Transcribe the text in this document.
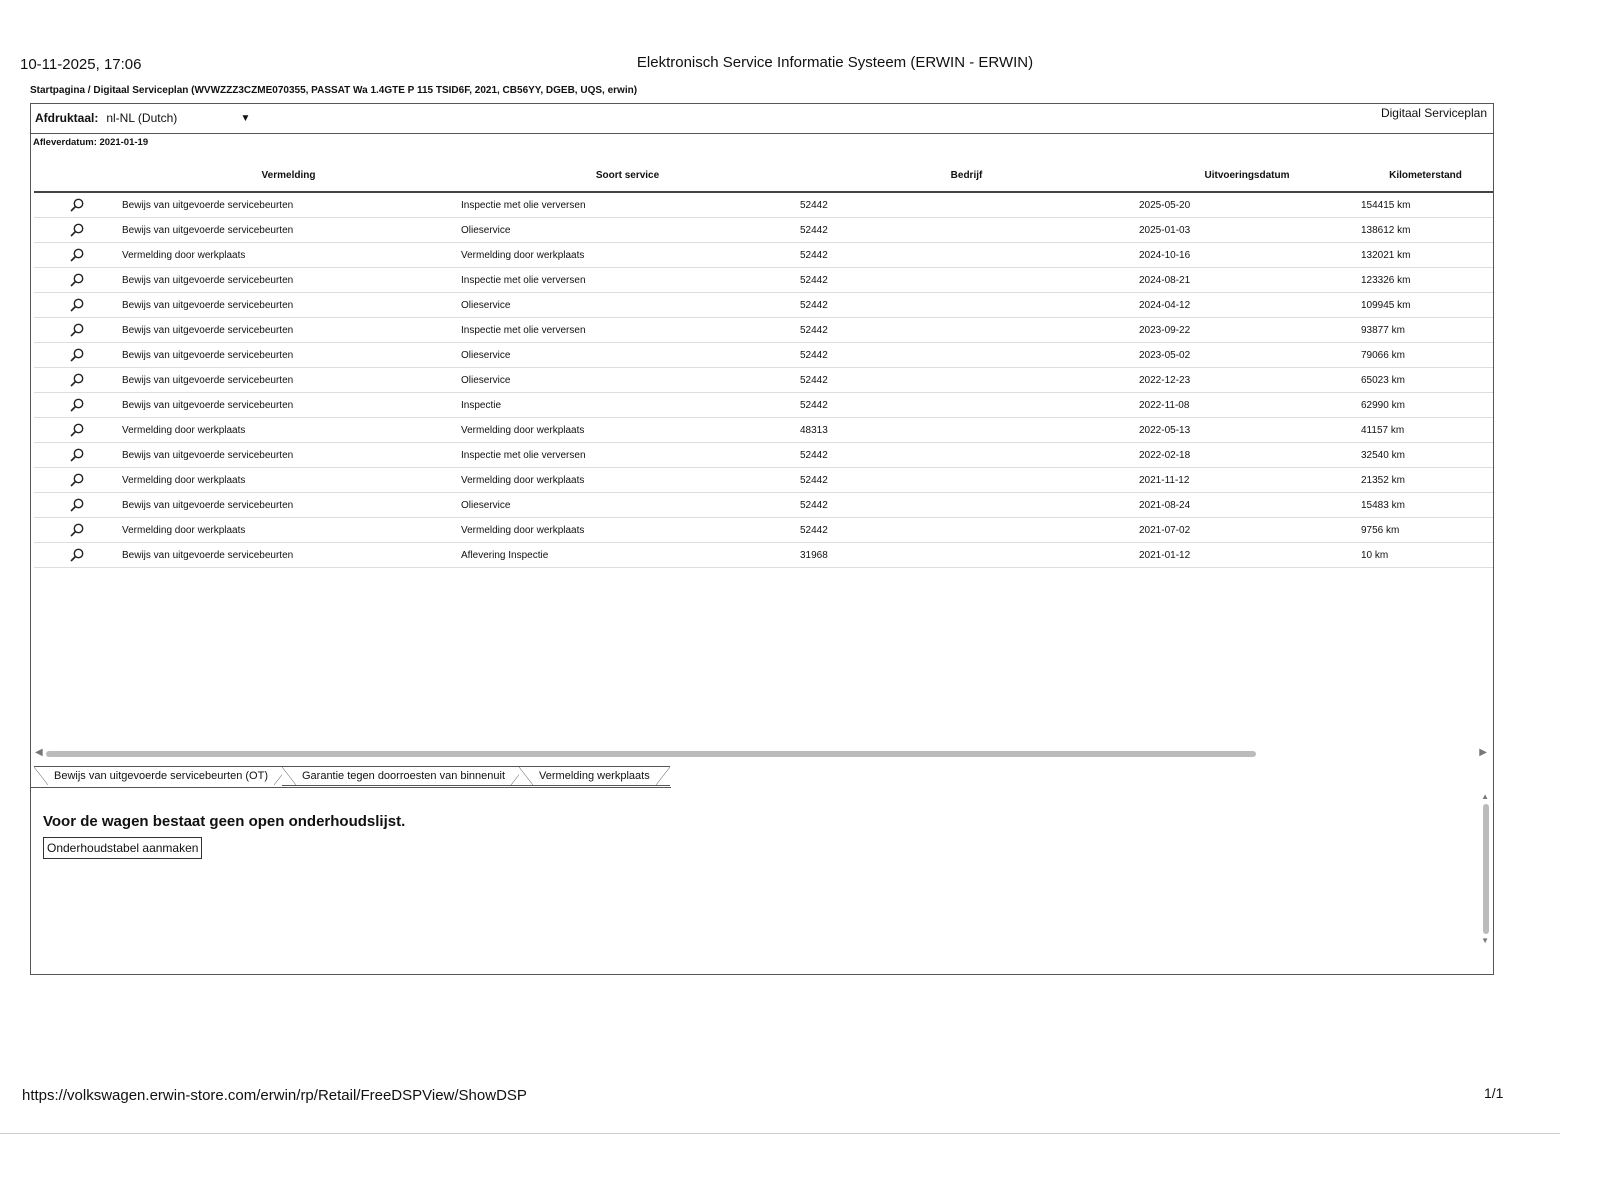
10-11-2025, 17:06	Elektronisch Service Informatie Systeem (ERWIN - ERWIN)
Startpagina / Digitaal Serviceplan (WVWZZZ3CZME070355, PASSAT Wa 1.4GTE P 115 TSID6F, 2021, CB56YY, DGEB, UQS, erwin)
Digitaal Serviceplan
Afdruktaal: nl-NL (Dutch)	▼
Afleverdatum: 2021-01-19
	Vermelding	Soort service	Bedrijf	Uitvoeringsdatum	Kilometerstand
	Bewijs van uitgevoerde servicebeurten	Inspectie met olie verversen	52442	2025-05-20	154415 km
	Bewijs van uitgevoerde servicebeurten	Olieservice	52442	2025-01-03	138612 km
	Vermelding door werkplaats	Vermelding door werkplaats	52442	2024-10-16	132021 km
	Bewijs van uitgevoerde servicebeurten	Inspectie met olie verversen	52442	2024-08-21	123326 km
	Bewijs van uitgevoerde servicebeurten	Olieservice	52442	2024-04-12	109945 km
	Bewijs van uitgevoerde servicebeurten	Inspectie met olie verversen	52442	2023-09-22	93877 km
	Bewijs van uitgevoerde servicebeurten	Olieservice	52442	2023-05-02	79066 km
	Bewijs van uitgevoerde servicebeurten	Olieservice	52442	2022-12-23	65023 km
	Bewijs van uitgevoerde servicebeurten	Inspectie	52442	2022-11-08	62990 km
	Vermelding door werkplaats	Vermelding door werkplaats	48313	2022-05-13	41157 km
	Bewijs van uitgevoerde servicebeurten	Inspectie met olie verversen	52442	2022-02-18	32540 km
	Vermelding door werkplaats	Vermelding door werkplaats	52442	2021-11-12	21352 km
	Bewijs van uitgevoerde servicebeurten	Olieservice	52442	2021-08-24	15483 km
	Vermelding door werkplaats	Vermelding door werkplaats	52442	2021-07-02	9756 km
	Bewijs van uitgevoerde servicebeurten	Aflevering Inspectie	31968	2021-01-12	10 km
◀	▶
Bewijs van uitgevoerde servicebeurten (OT)	Garantie tegen doorroesten van binnenuit	Vermelding werkplaats
Voor de wagen bestaat geen open onderhoudslijst.
Onderhoudstabel aanmaken
▲
▼
https://volkswagen.erwin-store.com/erwin/rp/Retail/FreeDSPView/ShowDSP	1/1
